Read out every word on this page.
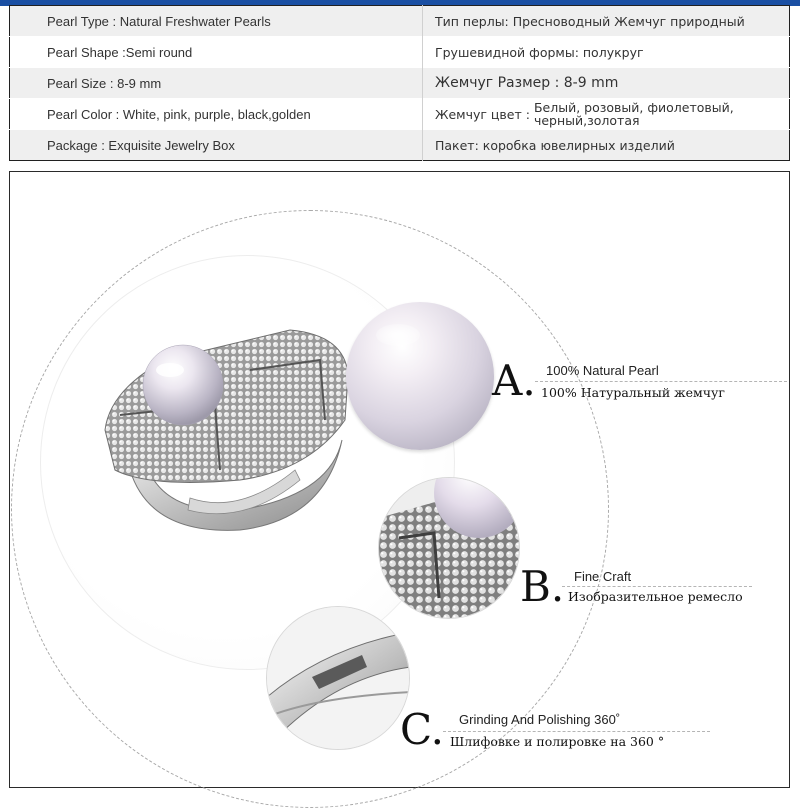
Pearl Type : Natural Freshwater Pearls	Тип перлы: Пресноводный Жемчуг природный
Pearl Shape :Semi round	Грушевидной формы: полукруг
Pearl Size : 8-9 mm	Жемчуг Размер : 8-9 mm
Pearl Color : White, pink, purple, black,golden	Жемчуг цвет : Белый, розовый, фиолетовый,
черный,золотая

Package : Exquisite Jewelry Box	Пакет: коробка ювелирных изделий
A. 100% Natural Pearl
100% Натуральный жемчуг
B. Fine Craft
Изобразительное ремесло
C. Grinding And Polishing 360˚
Шлифовке и полировке на 360 °
